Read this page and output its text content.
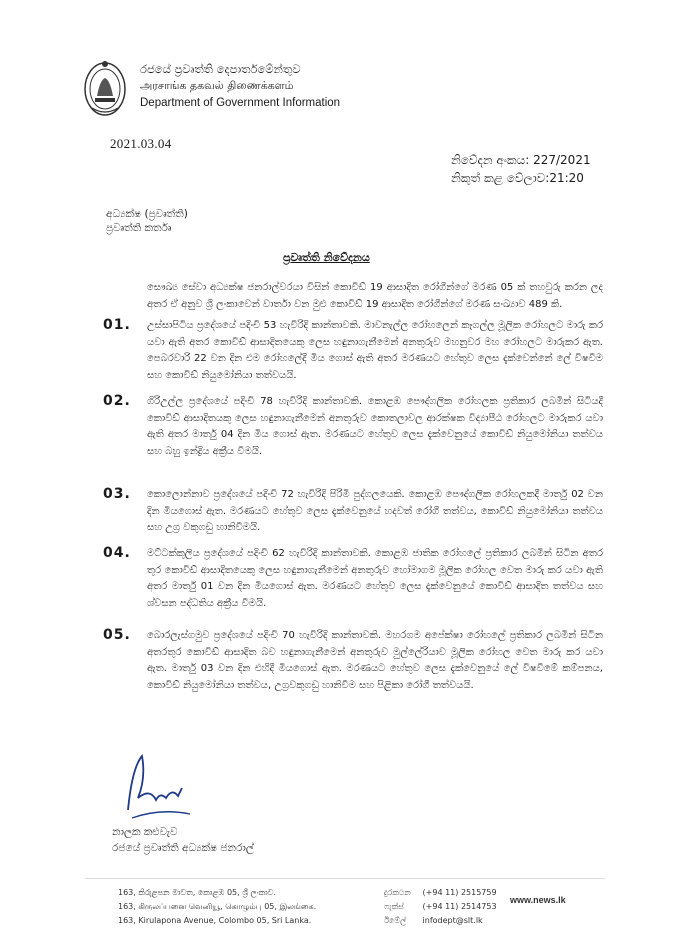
රජයේ ප්‍රවෘත්ති දෙපාර්තමේන්තුව
அரசாங்க தகவல் திணைக்களம்
Department of Government Information
2021.03.04
නිවේදන අංකය: 227/2021
නිකුත් කළ වේලාව:21:20
අධ්‍යක්ෂ (ප්‍රවෘත්ති)
ප්‍රවෘත්ති කර්තෘ
ප්‍රවෘත්ති නිවේදනය
සෞඛ්‍ය සේවා අධ්‍යක්ෂ ජනරාල්වරයා විසින් කොවිඩ් 19 ආසාදිත රෝගීන්ගේ මරණ 05 ක් තහවුරු කරන ලද අතර ඒ අනුව ශ්‍රී ලංකාවෙන් වාර්තා වන මුළු කොවිඩ් 19 ආසාදිත රෝගීන්ගේ මරණ සංඛ්‍යාව 489 කි.
01. උස්සාපිටිය ප්‍රදේශයේ පදිංචි 53 හැවිරිදි කාන්තාවකි. මාවනැල්ල රෝහලෙන් කෑගල්ල මූලික රෝහලට මාරු කර යවා ඇති අතර කොවිඩ් ආසාදිතයෙකු ලෙස හඳුනාගැනීමෙන් අනතුරුව මහනුවර මහ රෝහලට මාරුකර ඇත. පෙබරවාරි 22 වන දින එම රෝහලේදී මිය ගොස් ඇති අතර මරණයට හේතුව ලෙස දැක්වෙන්නේ ලේ විෂවීම සහ කොවිඩ් නියුමෝනියා තත්වයයි.
02. ගිරිඋල්ල ප්‍රදේශයේ පදිංචි 78 හැවිරිදි කාන්තාවකි. කොළඹ පෞද්ගලික රෝහලක ප්‍රතිකාර ලබමින් සිටියදී කොවිඩ් ආසාදිතයකු ලෙස හඳුනාගැනීමෙන් අනතුරුව කොතලාවල ආරක්ෂක විද්‍යාපීඨ රෝහලට මාරුකර යවා ඇති අතර මාර්තු 04 දින මිය ගොස් ඇත. මරණයට හේතුව ලෙස දැක්වෙනුයේ කොවිඩ් නියුමෝනියා තත්වය සහ බහු ඉන්ද්‍රිය අක්‍රීය වීමයි.
03. කොලොන්නාව ප්‍රදේශයේ පදිංචි 72 හැවිරිදි පිරිමි පුද්ගලයෙකි. කොළඹ පෞද්ගලික රෝහලකදී මාර්තු 02 වන දින මියගොස් ඇත. මරණයට හේතුව ලෙස දැක්වෙනුයේ හදවත් රෝගී තත්වය, කොවිඩ් නියුමෝනියා තත්වය සහ උග්‍ර වකුගඩු හානිවීමයි.
04. මට්ටක්කුලිය ප්‍රදේශයේ පදිංචි 62 හැවිරිදි කාන්තාවකි. කොළඹ ජාතික රෝහලේ ප්‍රතිකාර ලබමින් සිටින අතර තුර කොවිඩ් ආසාදිතයෙකු ලෙස හඳුනාගැනීමෙන් අනතුරුව හෝමාගම මූලික රෝහල වෙත මාරු කර යවා ඇති අතර මාර්තු 01 වන දින මියගොස් ඇත. මරණයට හේතුව ලෙස දැක්වෙනුයේ කොවිඩ් ආසාදිත තත්වය සහ ශ්වසන පද්ධතිය අක්‍රීය වීමයි.
05. බොරලැස්ගමුව ප්‍රදේශයේ පදිංචි 70 හැවිරිදි කාන්තාවකි. මහරගම අපේක්ෂා රෝහලේ ප්‍රතිකාර ලබමින් සිටින අතරතුර කොවිඩ් ආසාදිත බව හඳුනාගැනීමෙන් අනතුරුව මුල්ලේරියාව මූලික රෝහල වෙත මාරු කර යවා ඇත. මාර්තු 03 වන දින එහිදී මියගොස් ඇත. මරණයට හේතුව ලෙස දැක්වෙනුයේ ලේ විෂවීමේ කම්පනය, කොවිඩ් නියුමෝනියා තත්වය, උග්‍රවකුගඩු හානිවීම සහ පිළිකා රෝගී තත්වයයි.
නාලක කළුවැව
රජයේ ප්‍රවෘත්ති අධ්‍යක්ෂ ජනරාල්
163, කිරුළපන මාවත, කොළඹ 05, ශ්‍රී ලංකාව.
163, கிருலப்பனை வெனியூ, கொழும்பு 05, இலங்கை.
163, Kirulapona Avenue, Colombo 05, Sri Lanka.
දුරකථන (+94 11) 2515759
ෆැක්ස් (+94 11) 2514753
ඊමේල් infodept@slt.lk
www.news.lk
